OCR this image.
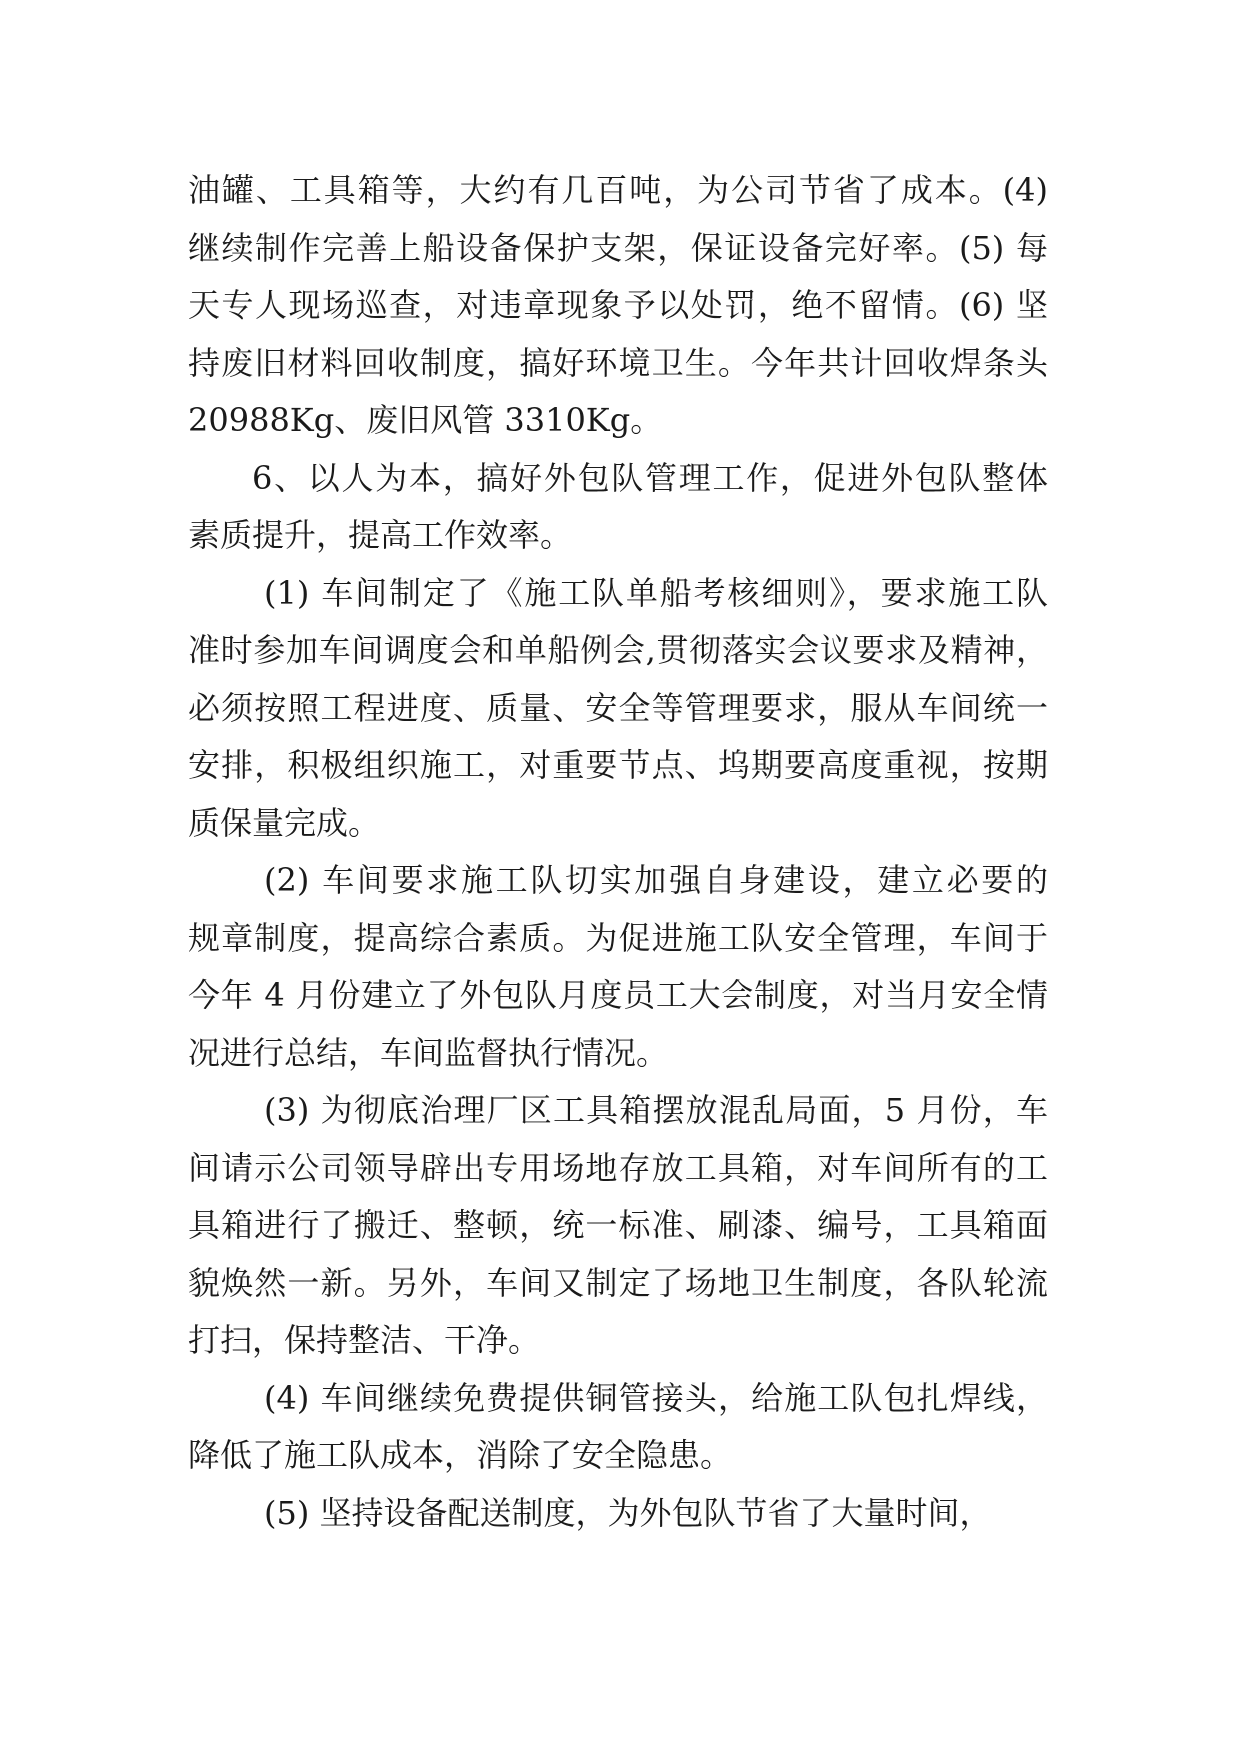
油罐、工具箱等，大约有几百吨，为公司节省了成本。(4)
继续制作完善上船设备保护支架，保证设备完好率。(5) 每
天专人现场巡查，对违章现象予以处罚，绝不留情。(6) 坚
持废旧材料回收制度，搞好环境卫生。今年共计回收焊条头
20988Kg、废旧风管 3310Kg。
6、以人为本，搞好外包队管理工作，促进外包队整体
素质提升，提高工作效率。
(1) 车间制定了《施工队单船考核细则》，要求施工队
准时参加车间调度会和单船例会,贯彻落实会议要求及精神，
必须按照工程进度、质量、安全等管理要求，服从车间统一
安排，积极组织施工，对重要节点、坞期要高度重视，按期
质保量完成。
(2) 车间要求施工队切实加强自身建设，建立必要的
规章制度，提高综合素质。为促进施工队安全管理，车间于
今年 4 月份建立了外包队月度员工大会制度，对当月安全情
况进行总结，车间监督执行情况。
(3) 为彻底治理厂区工具箱摆放混乱局面，5 月份，车
间请示公司领导辟出专用场地存放工具箱，对车间所有的工
具箱进行了搬迁、整顿，统一标准、刷漆、编号，工具箱面
貌焕然一新。另外，车间又制定了场地卫生制度，各队轮流
打扫，保持整洁、干净。
(4) 车间继续免费提供铜管接头，给施工队包扎焊线，
降低了施工队成本，消除了安全隐患。
(5) 坚持设备配送制度，为外包队节省了大量时间，
